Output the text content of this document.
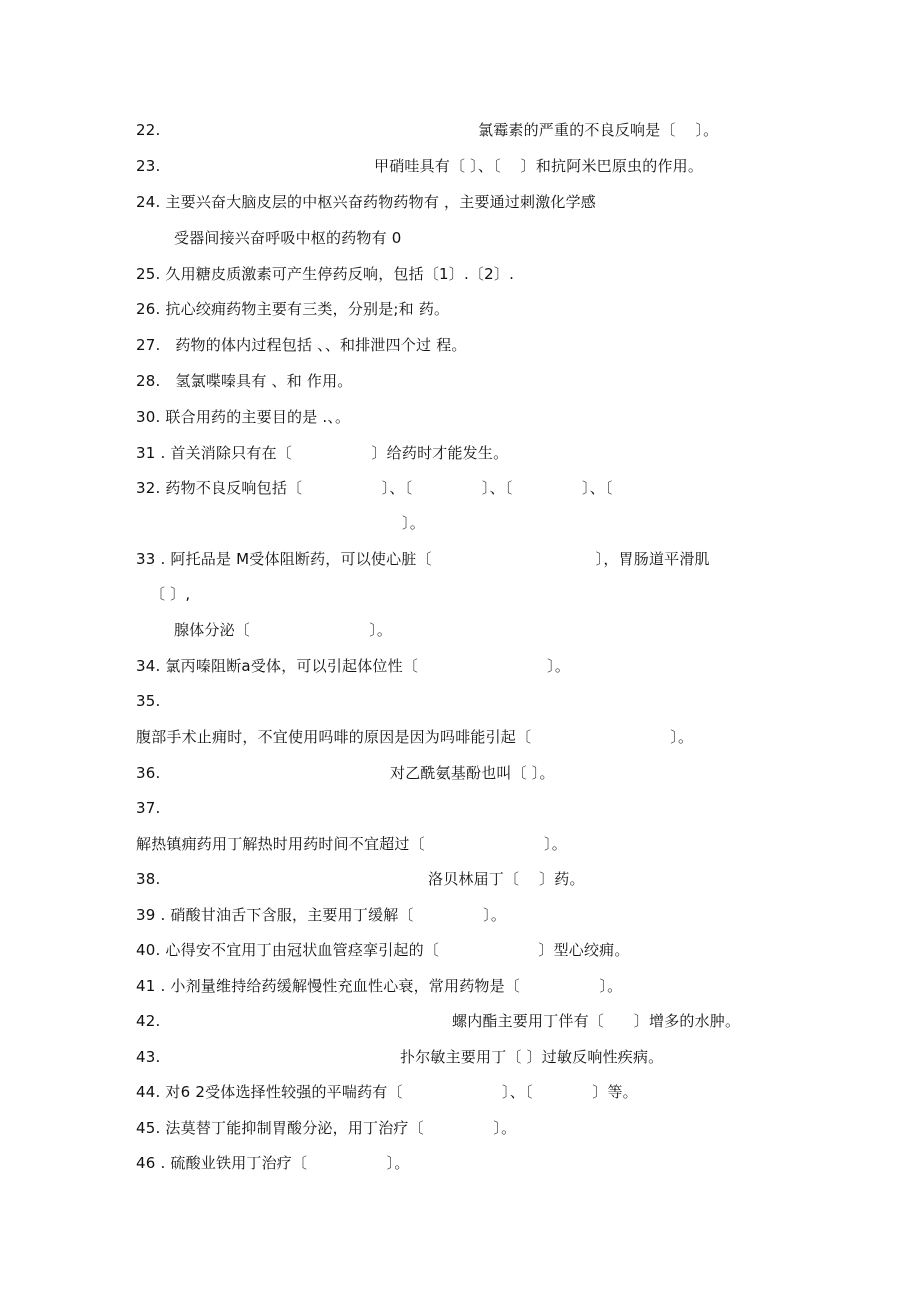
22.	氯霉素的严重的不良反响是〔    〕。
23.	甲硝哇具有〔 〕、〔    〕和抗阿米巴原虫的作用。
24. 主要兴奋大脑皮层的中枢兴奋药物药物有 ，主要通过刺激化学感
受器间接兴奋呼吸中枢的药物有 0
25. 久用糖皮质激素可产生停药反响，包括〔1〕.〔2〕.
26. 抗心绞痈药物主要有三类，分别是;和 药。
27.   药物的体内过程包括 、、和排泄四个过 程。
28.   氢氯喋嗪具有 、和 作用。
30. 联合用药的主要目的是 .、。
31 . 首关消除只有在〔                〕给药时才能发生。
32. 药物不良反响包括〔                〕、〔              〕、〔              〕、〔
〕。
33 . 阿托品是 M受体阻断药，可以使心脏〔                                 〕，胃肠道平滑肌
〔 〕,
腺体分泌〔                        〕。
34. 氯丙嗪阻断a受体，可以引起体位性〔                          〕。
35.
腹部手术止痈时，不宜使用吗啡的原因是因为吗啡能引起〔                            〕。
36.	对乙酰氨基酚也叫〔 〕。
37.
解热镇痈药用丁解热时用药时间不宜超过〔                        〕。
38.	洛贝林届丁〔    〕药。
39 . 硝酸甘油舌下含服，主要用丁缓解〔              〕。
40. 心得安不宜用丁由冠状血管痉挛引起的〔                    〕型心绞痈。
41 . 小剂量维持给药缓解慢性充血性心衰，常用药物是〔                〕。
42.	螺内酯主要用丁伴有〔      〕增多的水肿。
43.	扑尔敏主要用丁〔 〕过敏反响性疾病。
44. 对6 2受体选择性较强的平喘药有〔                    〕、〔            〕等。
45. 法莫替丁能抑制胃酸分泌，用丁治疗〔              〕。
46 . 硫酸业铁用丁治疗〔                〕。
